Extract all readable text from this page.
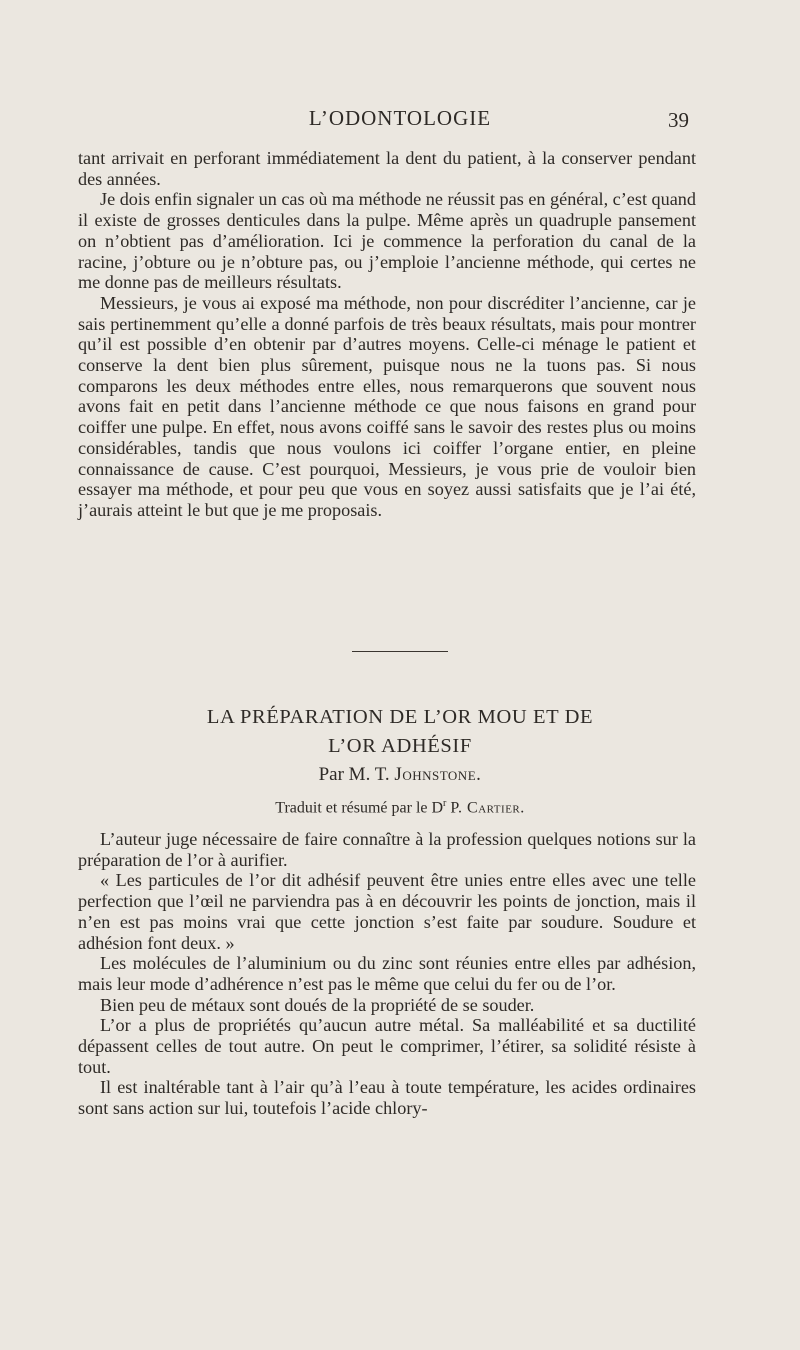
L’ODONTOLOGIE	39

tant arrivait en perforant immédiatement la dent du patient, à la conserver pendant des années.

Je dois enfin signaler un cas où ma méthode ne réussit pas en général, c’est quand il existe de grosses denticules dans la pulpe. Même après un quadruple pansement on n’obtient pas d’amélioration. Ici je commence la perforation du canal de la racine, j’obture ou je n’obture pas, ou j’emploie l’ancienne méthode, qui certes ne me donne pas de meilleurs résultats.

Messieurs, je vous ai exposé ma méthode, non pour discréditer l’ancienne, car je sais pertinemment qu’elle a donné parfois de très beaux résultats, mais pour montrer qu’il est possible d’en obtenir par d’autres moyens. Celle-ci ménage le patient et conserve la dent bien plus sûrement, puisque nous ne la tuons pas. Si nous comparons les deux méthodes entre elles, nous remarquerons que souvent nous avons fait en petit dans l’ancienne méthode ce que nous faisons en grand pour coiffer une pulpe. En effet, nous avons coiffé sans le savoir des restes plus ou moins considérables, tandis que nous voulons ici coiffer l’organe entier, en pleine connaissance de cause. C’est pourquoi, Messieurs, je vous prie de vouloir bien essayer ma méthode, et pour peu que vous en soyez aussi satisfaits que je l’ai été, j’aurais atteint le but que je me proposais.

LA PRÉPARATION DE L’OR MOU ET DE
L’OR ADHÉSIF
Par M. T. Johnstone.
Traduit et résumé par le $D^r$ P. Cartier.

L’auteur juge nécessaire de faire connaître à la profession quelques notions sur la préparation de l’or à aurifier.

« Les particules de l’or dit adhésif peuvent être unies entre elles avec une telle perfection que l’œil ne parviendra pas à en découvrir les points de jonction, mais il n’en est pas moins vrai que cette jonction s’est faite par soudure. Soudure et adhésion font deux. »

Les molécules de l’aluminium ou du zinc sont réunies entre elles par adhésion, mais leur mode d’adhérence n’est pas le même que celui du fer ou de l’or.

Bien peu de métaux sont doués de la propriété de se souder.

L’or a plus de propriétés qu’aucun autre métal. Sa malléabilité et sa ductilité dépassent celles de tout autre. On peut le comprimer, l’étirer, sa solidité résiste à tout.

Il est inaltérable tant à l’air qu’à l’eau à toute température, les acides ordinaires sont sans action sur lui, toutefois l’acide chlory-
